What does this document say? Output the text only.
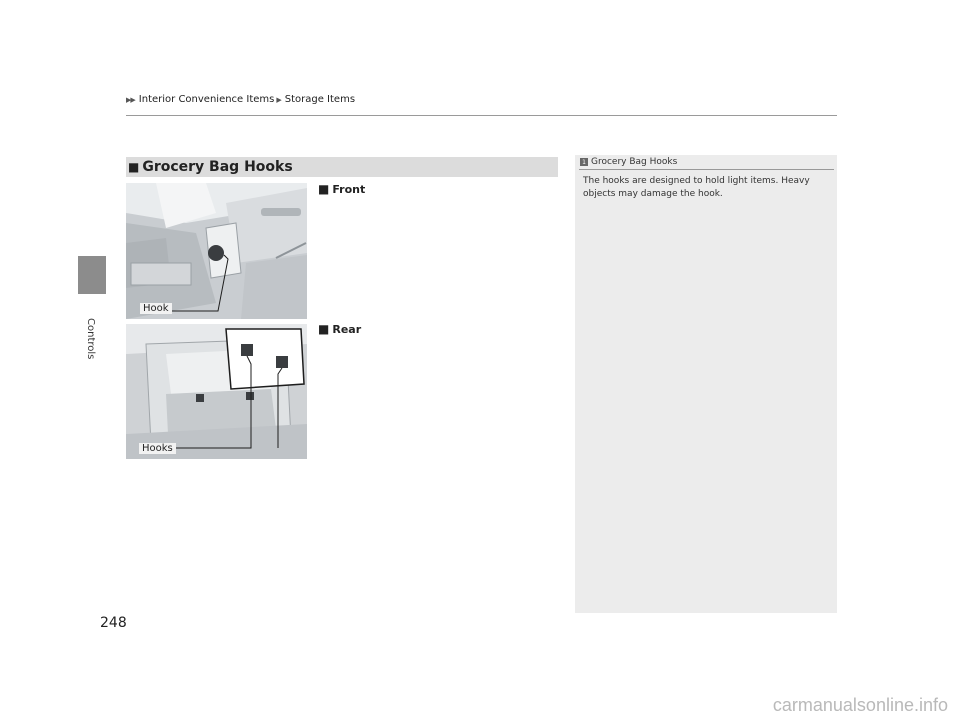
▶▶ Interior Convenience Items ▶ Storage Items
Controls
■ Grocery Bag Hooks
Hook
■ Front
Hooks
■ Rear
1 Grocery Bag Hooks
The hooks are designed to hold light items. Heavy objects may damage the hook.
248
carmanualsonline.info
